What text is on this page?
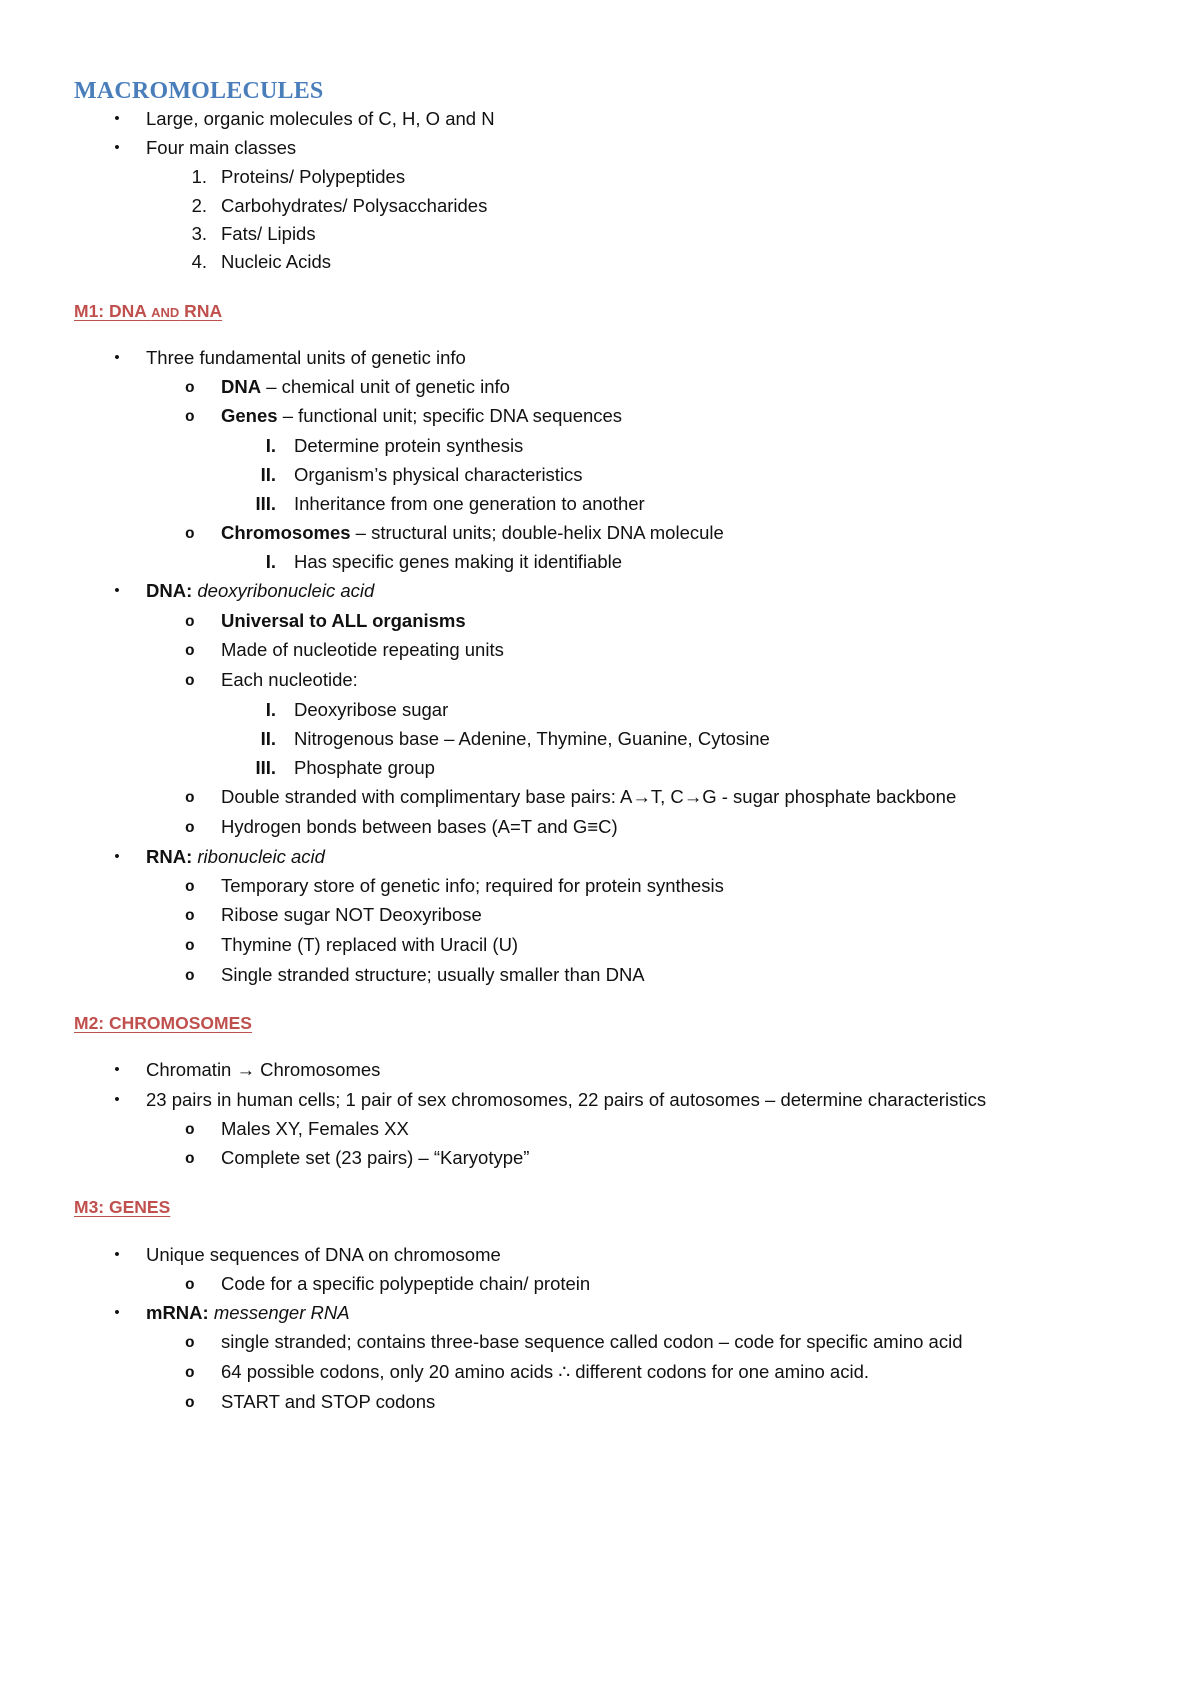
MACROMOLECULES
• Large, organic molecules of C, H, O and N
• Four main classes
1. Proteins/ Polypeptides
2. Carbohydrates/ Polysaccharides
3. Fats/ Lipids
4. Nucleic Acids
M1: DNA AND RNA
• Three fundamental units of genetic info
o DNA – chemical unit of genetic info
o Genes – functional unit; specific DNA sequences
I. Determine protein synthesis
II. Organism’s physical characteristics
III. Inheritance from one generation to another
o Chromosomes – structural units; double-helix DNA molecule
I. Has specific genes making it identifiable
• DNA: deoxyribonucleic acid
o Universal to ALL organisms
o Made of nucleotide repeating units
o Each nucleotide:
I. Deoxyribose sugar
II. Nitrogenous base – Adenine, Thymine, Guanine, Cytosine
III. Phosphate group
o Double stranded with complimentary base pairs: A→T, C→G - sugar phosphate backbone
o Hydrogen bonds between bases (A=T and G≡C)
• RNA: ribonucleic acid
o Temporary store of genetic info; required for protein synthesis
o Ribose sugar NOT Deoxyribose
o Thymine (T) replaced with Uracil (U)
o Single stranded structure; usually smaller than DNA
M2: CHROMOSOMES
• Chromatin → Chromosomes
• 23 pairs in human cells; 1 pair of sex chromosomes, 22 pairs of autosomes – determine characteristics
o Males XY, Females XX
o Complete set (23 pairs) – “Karyotype”
M3: GENES
• Unique sequences of DNA on chromosome
o Code for a specific polypeptide chain/ protein
• mRNA: messenger RNA
o single stranded; contains three-base sequence called codon – code for specific amino acid
o 64 possible codons, only 20 amino acids ∴ different codons for one amino acid.
o START and STOP codons
